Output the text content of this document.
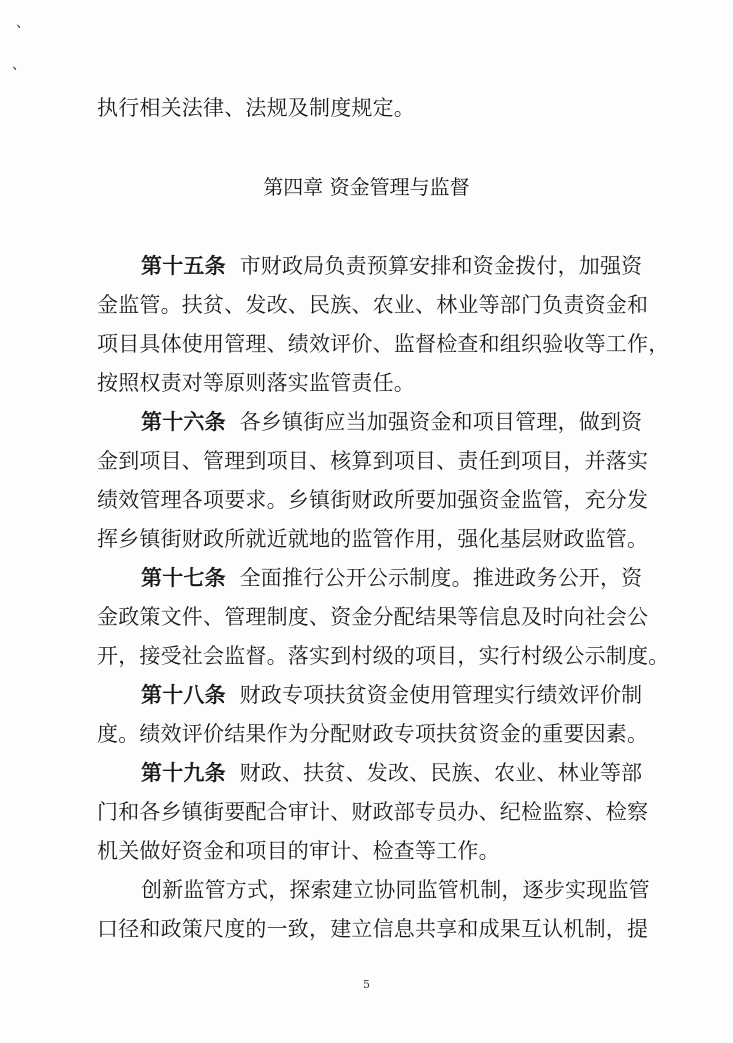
、
、
执行相关法律、法规及制度规定。
第四章 资金管理与监督
第十五条 市财政局负责预算安排和资金拨付，加强资
金监管。扶贫、发改、民族、农业、林业等部门负责资金和
项目具体使用管理、绩效评价、监督检查和组织验收等工作，
按照权责对等原则落实监管责任。
第十六条 各乡镇街应当加强资金和项目管理，做到资
金到项目、管理到项目、核算到项目、责任到项目，并落实
绩效管理各项要求。乡镇街财政所要加强资金监管，充分发
挥乡镇街财政所就近就地的监管作用，强化基层财政监管。
第十七条 全面推行公开公示制度。推进政务公开，资
金政策文件、管理制度、资金分配结果等信息及时向社会公
开，接受社会监督。落实到村级的项目，实行村级公示制度。
第十八条 财政专项扶贫资金使用管理实行绩效评价制
度。绩效评价结果作为分配财政专项扶贫资金的重要因素。
第十九条 财政、扶贫、发改、民族、农业、林业等部
门和各乡镇街要配合审计、财政部专员办、纪检监察、检察
机关做好资金和项目的审计、检查等工作。
创新监管方式，探索建立协同监管机制，逐步实现监管
口径和政策尺度的一致，建立信息共享和成果互认机制，提
5
